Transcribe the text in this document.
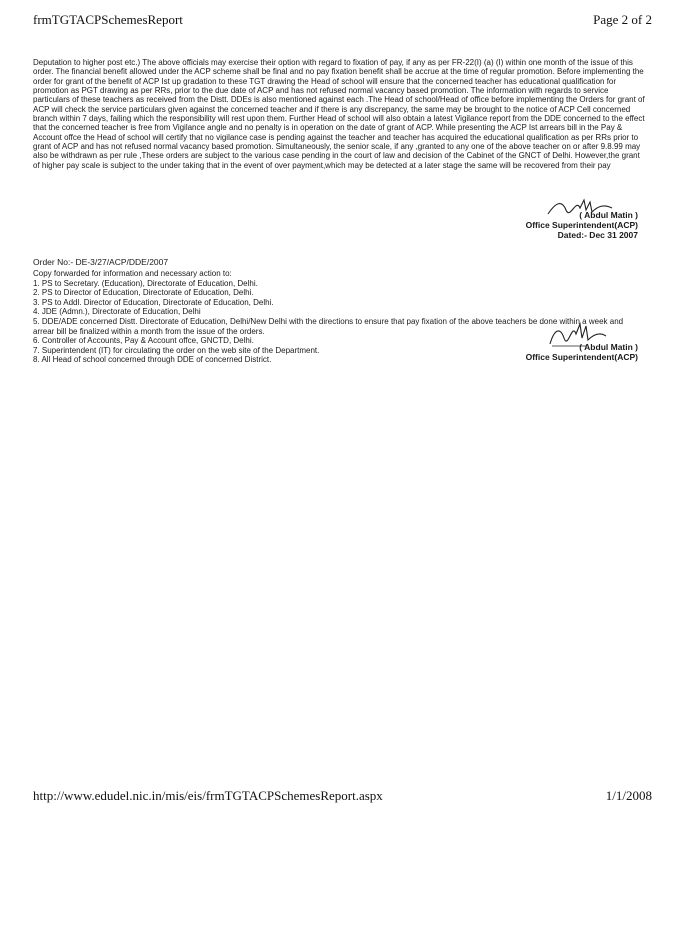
frmTGTACPSchemesReport	Page 2 of 2

Deputation to higher post etc.) The above officials may exercise their option with regard to fixation of pay, if any as per FR-22(I) (a) (I) within one month of the issue of this order. The financial benefit allowed under the ACP scheme shall be final and no pay fixation benefit shall be accrue at the time of regular promotion. Before implementing the order for grant of the benefit of ACP Ist up gradation to these TGT drawing the Head of school will ensure that the concerned teacher has educational qualification for promotion as PGT drawing as per RRs, prior to the due date of ACP and has not refused normal vacancy based promotion. The information with regards to service particulars of these teachers as received from the Distt. DDEs is also mentioned against each .The Head of school/Head of office before implementing the Orders for grant of ACP will check the service particulars given against the concerned teacher and if there is any discrepancy, the same may be brought to the notice of ACP Cell concerned branch within 7 days, failing which the responsibility will rest upon them. Further Head of school will also obtain a latest Vigilance report from the DDE concerned to the effect that the concerned teacher is free from Vigilance angle and no penalty is in operation on the date of grant of ACP. While presenting the ACP Ist arrears bill in the Pay & Account offce the Head of school will certify that no vigilance case is pending against the teacher and teacher has acquired the educational qualification as per RRs prior to grant of ACP and has not refused normal vacancy based promotion. Simultaneously, the senior scale, if any ,granted to any one of the above teacher on or after 9.8.99 may also be withdrawn as per rule ,These orders are subject to the various case pending in the court of law and decision of the Cabinet of the GNCT of Delhi. However,the grant of higher pay scale is subject to the under taking that in the event of over payment,which may be detected at a later stage the same will be recovered from their pay

( Abdul Matin )
Office Superintendent(ACP)
Dated:- Dec 31 2007
Order No:- DE-3/27/ACP/DDE/2007
Copy forwarded for information and necessary action to:
1. PS to Secretary. (Education), Directorate of Education, Delhi.
2. PS to Director of Education, Directorate of Education, Delhi.
3. PS to Addl. Director of Education, Directorate of Education, Delhi.
4. JDE (Admn.), Directorate of Education, Delhi
5. DDE/ADE concerned Distt. Directorate of Education, Delhi/New Delhi with the directions to ensure that pay fixation of the above teachers be done within a week and arrear bill be finalized within a month from the issue of the orders.
6. Controller of Accounts, Pay & Account offce, GNCTD, Delhi.
7. Superintendent (IT) for circulating the order on the web site of the Department.
8. All Head of school concerned through DDE of concerned District.
( Abdul Matin )
Office Superintendent(ACP)
http://www.edudel.nic.in/mis/eis/frmTGTACPSchemesReport.aspx	1/1/2008
